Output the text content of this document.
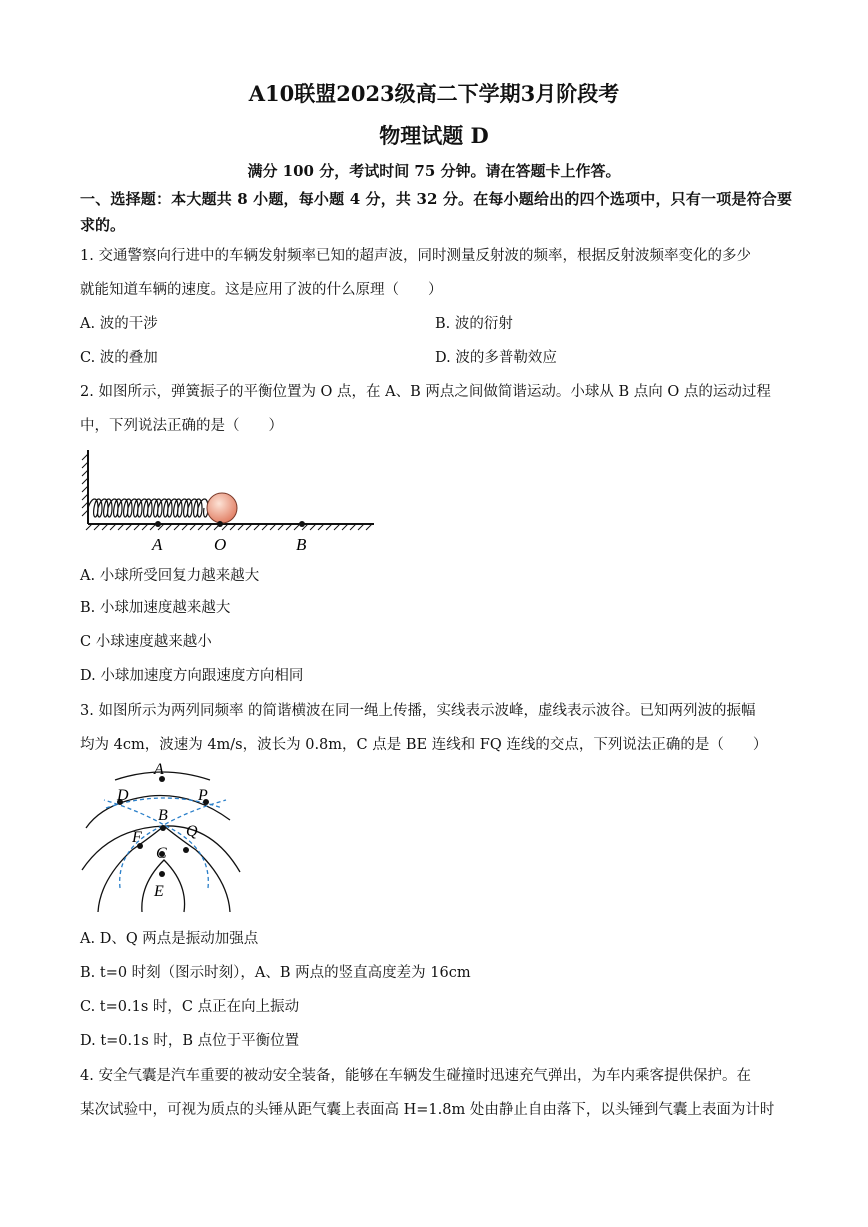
A10联盟2023级高二下学期3月阶段考
物理试题 D
满分 100 分，考试时间 75 分钟。请在答题卡上作答。
一、选择题：本大题共 8 小题，每小题 4 分，共 32 分。在每小题给出的四个选项中，只有一项是符合要求的。
1. 交通警察向行进中的车辆发射频率已知的超声波，同时测量反射波的频率，根据反射波频率变化的多少
就能知道车辆的速度。这是应用了波的什么原理（　　）
A. 波的干涉	B. 波的衍射
C. 波的叠加	D. 波的多普勒效应
2. 如图所示，弹簧振子的平衡位置为 O 点，在 A、B 两点之间做简谐运动。小球从 B 点向 O 点的运动过程
中，下列说法正确的是（　　）
A	O	B
A. 小球所受回复力越来越大
B. 小球加速度越来越大
C 小球速度越来越小
D. 小球加速度方向跟速度方向相同
3. 如图所示为两列同频率 的简谐横波在同一绳上传播，实线表示波峰，虚线表示波谷。已知两列波的振幅
均为 4cm，波速为 4m/s，波长为 0.8m，C 点是 BE 连线和 FQ 连线的交点，下列说法正确的是（　　）
A
D	P
B
F	Q
C
E
A. D、Q 两点是振动加强点
B. t=0 时刻（图示时刻），A、B 两点的竖直高度差为 16cm
C. t=0.1s 时，C 点正在向上振动
D. t=0.1s 时，B 点位于平衡位置
4. 安全气囊是汽车重要的被动安全装备，能够在车辆发生碰撞时迅速充气弹出，为车内乘客提供保护。在
某次试验中，可视为质点的头锤从距气囊上表面高 H=1.8m 处由静止自由落下，以头锤到气囊上表面为计时
